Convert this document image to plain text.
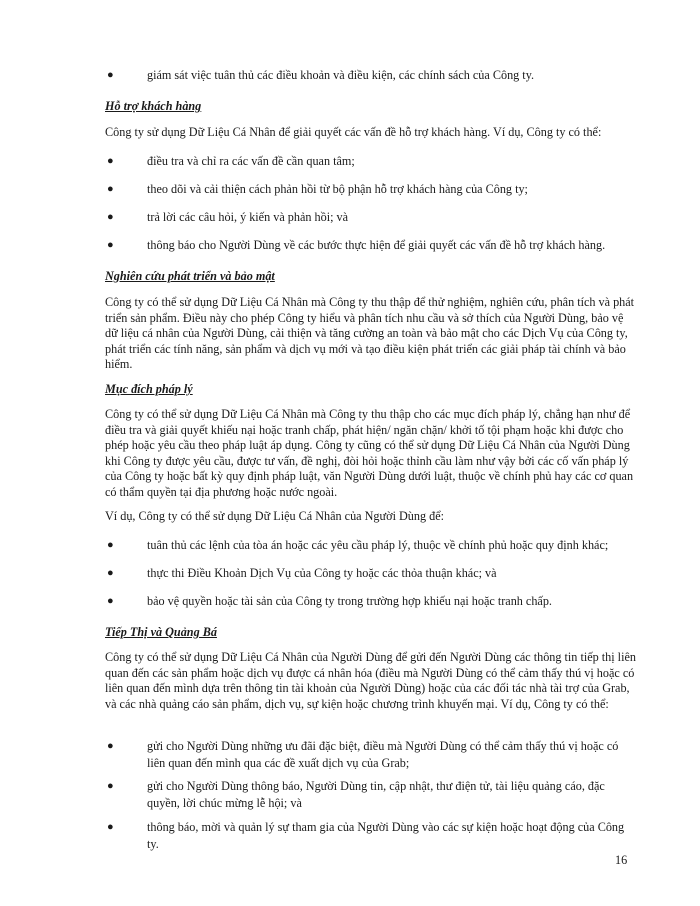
●	giám sát việc tuân thủ các điều khoản và điều kiện, các chính sách của Công ty.
Hỗ trợ khách hàng
Công ty sử dụng Dữ Liệu Cá Nhân để giải quyết các vấn đề hỗ trợ khách hàng. Ví dụ, Công ty có thể:
●	điều tra và chỉ ra các vấn đề cần quan tâm;
●	theo dõi và cải thiện cách phản hồi từ bộ phận hỗ trợ khách hàng của Công ty;
●	trả lời các câu hỏi, ý kiến và phản hồi; và
●	thông báo cho Người Dùng về các bước thực hiện để giải quyết các vấn đề hỗ trợ khách hàng.
Nghiên cứu phát triển và bảo mật
Công ty có thể sử dụng Dữ Liệu Cá Nhân mà Công ty thu thập để thử nghiệm, nghiên cứu, phân tích và phát triển sản phẩm. Điều này cho phép Công ty hiểu và phân tích nhu cầu và sở thích của Người Dùng, bảo vệ dữ liệu cá nhân của Người Dùng, cải thiện và tăng cường an toàn và bảo mật cho các Dịch Vụ của Công ty, phát triển các tính năng, sản phẩm và dịch vụ mới và tạo điều kiện phát triển các giải pháp tài chính và bảo hiểm.
Mục đích pháp lý
Công ty có thể sử dụng Dữ Liệu Cá Nhân mà Công ty thu thập cho các mục đích pháp lý, chẳng hạn như để điều tra và giải quyết khiếu nại hoặc tranh chấp, phát hiện/ ngăn chặn/ khởi tố tội phạm hoặc khi được cho phép hoặc yêu cầu theo pháp luật áp dụng. Công ty cũng có thể sử dụng Dữ Liệu Cá Nhân của Người Dùng khi Công ty được yêu cầu, được tư vấn, đề nghị, đòi hỏi hoặc thỉnh cầu làm như vậy bởi các cố vấn pháp lý của Công ty hoặc bất kỳ quy định pháp luật, văn Người Dùng dưới luật, thuộc về chính phủ hay các cơ quan có thẩm quyền tại địa phương hoặc nước ngoài.
Ví dụ, Công ty có thể sử dụng Dữ Liệu Cá Nhân của Người Dùng để:
●	tuân thủ các lệnh của tòa án hoặc các yêu cầu pháp lý, thuộc về chính phủ hoặc quy định khác;
●	thực thi Điều Khoản Dịch Vụ của Công ty hoặc các thỏa thuận khác; và
●	bảo vệ quyền hoặc tài sản của Công ty trong trường hợp khiếu nại hoặc tranh chấp.
Tiếp Thị và Quảng Bá
Công ty có thể sử dụng Dữ Liệu Cá Nhân của Người Dùng để gửi đến Người Dùng các thông tin tiếp thị liên quan đến các sản phẩm hoặc dịch vụ được cá nhân hóa (điều mà Người Dùng có thể cảm thấy thú vị hoặc có liên quan đến mình dựa trên thông tin tài khoản của Người Dùng) hoặc của các đối tác nhà tài trợ của Grab, và các nhà quảng cáo sản phẩm, dịch vụ, sự kiện hoặc chương trình khuyến mại. Ví dụ, Công ty có thể:
●	gửi cho Người Dùng những ưu đãi đặc biệt, điều mà Người Dùng có thể cảm thấy thú vị hoặc có liên quan đến mình qua các đề xuất dịch vụ của Grab;
●	gửi cho Người Dùng thông báo, Người Dùng tin, cập nhật, thư điện tử, tài liệu quảng cáo, đặc quyền, lời chúc mừng lễ hội; và
●	thông báo, mời và quản lý sự tham gia của Người Dùng vào các sự kiện hoặc hoạt động của Công ty.
16
